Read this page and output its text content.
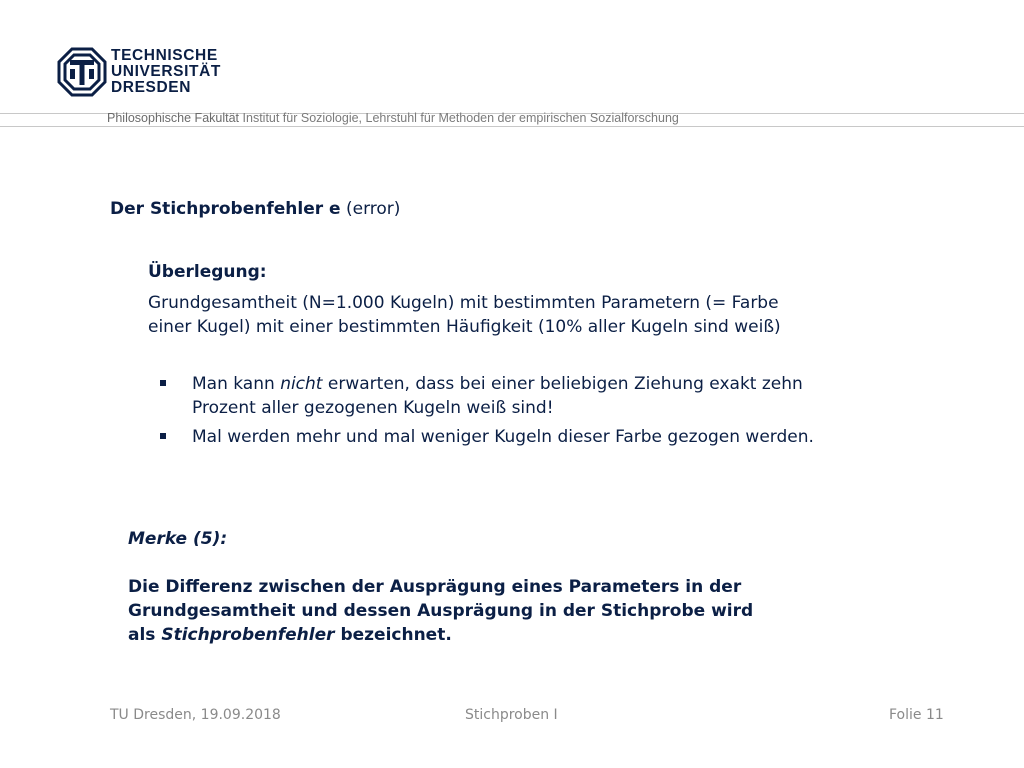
TECHNISCHE
UNIVERSITÄT
DRESDEN
Philosophische Fakultät Institut für Soziologie, Lehrstuhl für Methoden der empirischen Sozialforschung
Der Stichprobenfehler e (error)
Überlegung:
Grundgesamtheit (N=1.000 Kugeln) mit bestimmten Parametern (= Farbe
einer Kugel) mit einer bestimmten Häufigkeit (10% aller Kugeln sind weiß)
Man kann nicht erwarten, dass bei einer beliebigen Ziehung exakt zehn
Prozent aller gezogenen Kugeln weiß sind!
Mal werden mehr und mal weniger Kugeln dieser Farbe gezogen werden.
Merke (5):
Die Differenz zwischen der Ausprägung eines Parameters in der
Grundgesamtheit und dessen Ausprägung in der Stichprobe wird
als Stichprobenfehler bezeichnet.
TU Dresden, 19.09.2018	Stichproben I	Folie 11
